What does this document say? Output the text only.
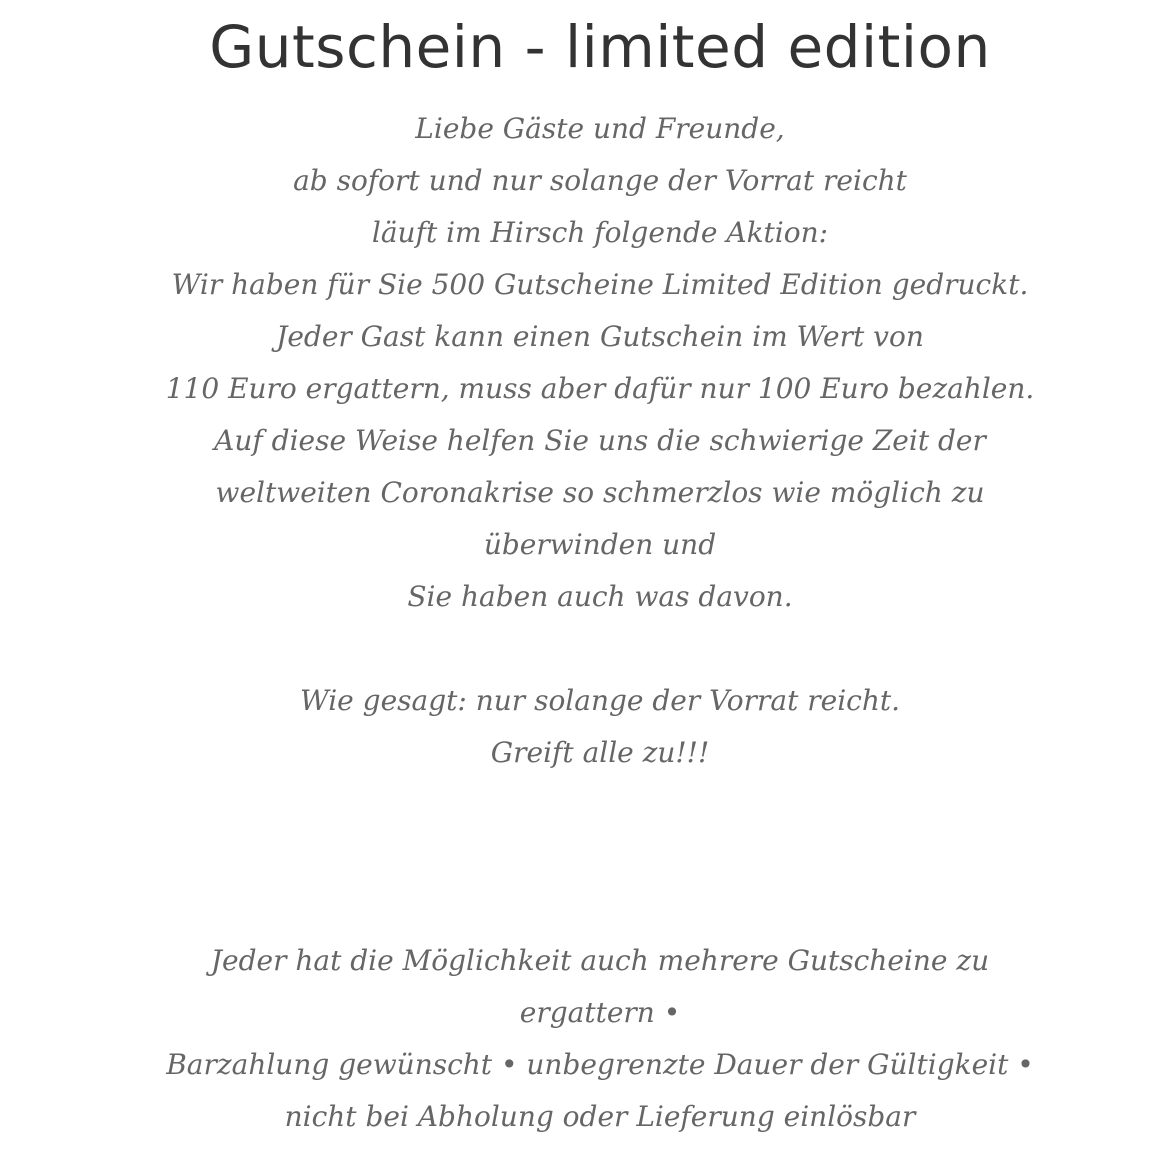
Gutschein - limited edition
Liebe Gäste und Freunde,
ab sofort und nur solange der Vorrat reicht
läuft im Hirsch folgende Aktion:
Wir haben für Sie 500 Gutscheine Limited Edition gedruckt.
Jeder Gast kann einen Gutschein im Wert von
110 Euro ergattern, muss aber dafür nur 100 Euro bezahlen.
Auf diese Weise helfen Sie uns die schwierige Zeit der
weltweiten Coronakrise so schmerzlos wie möglich zu
überwinden und
Sie haben auch was davon.
Wie gesagt: nur solange der Vorrat reicht.
Greift alle zu!!!
Jeder hat die Möglichkeit auch mehrere Gutscheine zu
ergattern •
Barzahlung gewünscht • unbegrenzte Dauer der Gültigkeit •
nicht bei Abholung oder Lieferung einlösbar
